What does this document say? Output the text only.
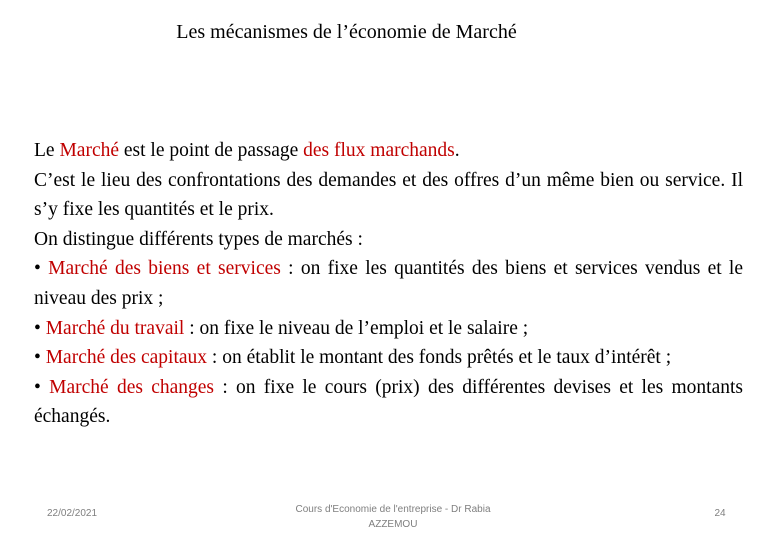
Les mécanismes de l’économie de Marché
Le Marché est le point de passage des flux marchands.
C’est le lieu des confrontations des demandes et des offres d’un même bien ou service. Il s’y fixe les quantités et le prix.
On distingue différents types de marchés :
• Marché des biens et services : on fixe les quantités des biens et services vendus et le niveau des prix ;
• Marché du travail : on fixe le niveau de l’emploi et le salaire ;
• Marché des capitaux : on établit le montant des fonds prêtés et le taux d’intérêt ;
• Marché des changes : on fixe le cours (prix) des différentes devises et les montants échangés.
22/02/2021	Cours d'Economie de l'entreprise - Dr Rabia
AZZEMOU
24
